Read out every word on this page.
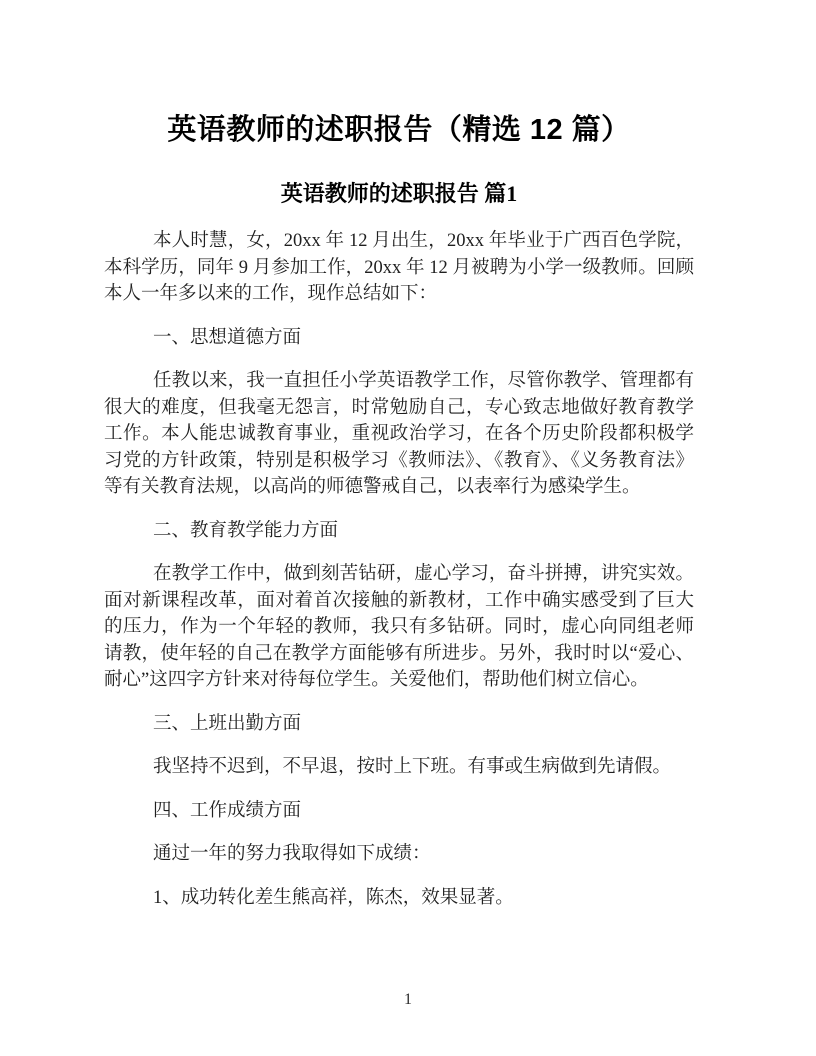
英语教师的述职报告（精选 12 篇）
英语教师的述职报告 篇1

本人时慧，女，20xx 年 12 月出生，20xx 年毕业于广西百色学院，本科学历，同年 9 月参加工作，20xx 年 12 月被聘为小学一级教师。回顾本人一年多以来的工作，现作总结如下：

一、思想道德方面

任教以来，我一直担任小学英语教学工作，尽管你教学、管理都有很大的难度，但我毫无怨言，时常勉励自己，专心致志地做好教育教学工作。本人能忠诚教育事业，重视政治学习，在各个历史阶段都积极学习党的方针政策，特别是积极学习《教师法》、《教育》、《义务教育法》等有关教育法规，以高尚的师德警戒自己，以表率行为感染学生。

二、教育教学能力方面

在教学工作中，做到刻苦钻研，虚心学习，奋斗拼搏，讲究实效。面对新课程改革，面对着首次接触的新教材，工作中确实感受到了巨大的压力，作为一个年轻的教师，我只有多钻研。同时，虚心向同组老师请教，使年轻的自己在教学方面能够有所进步。另外，我时时以“爱心、耐心”这四字方针来对待每位学生。关爱他们，帮助他们树立信心。

三、上班出勤方面

我坚持不迟到，不早退，按时上下班。有事或生病做到先请假。

四、工作成绩方面

通过一年的努力我取得如下成绩：

1、成功转化差生熊高祥，陈杰，效果显著。

1
